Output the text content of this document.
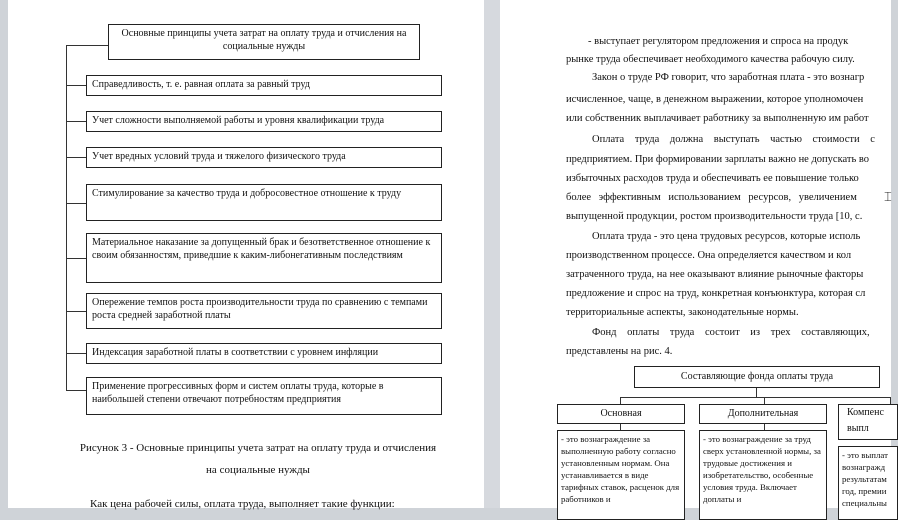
Основные принципы учета затрат на оплату труда и отчисления на социальные нужды
Справедливость, т. е. равная оплата за равный труд
Учет сложности выполняемой работы и уровня квалификации труда
Учет вредных условий труда и тяжелого физического труда
Стимулирование за качество труда и добросовестное отношение к труду
Материальное наказание за допущенный брак и безответственное отношение к своим обязанностям, приведшие к каким-либонегативным последствиям
Опережение темпов роста производительности труда по сравнению с темпами роста средней заработной платы
Индексация заработной платы в соответствии с уровнем инфляции
Применение прогрессивных форм и систем оплаты труда, которые в наибольшей степени отвечают потребностям предприятия
Рисунок 3 - Основные принципы учета затрат на оплату труда и отчисления
на социальные нужды
Как цена рабочей силы, оплата труда, выполняет такие функции:
- выступает регулятором предложения и спроса на продук
рынке труда обеспечивает необходимого качества рабочую силу.
Закон о труде РФ говорит, что заработная плата - это вознагр
исчисленное, чаще, в денежном выражении, которое уполномочен
или собственник выплачивает работнику за выполненную им работ
Оплата труда должна выступать частью стоимости с
предприятием. При формировании зарплаты важно не допускать во
избыточных расходов труда и обеспечивать ее повышение только
более эффективным использованием ресурсов, увеличением
выпущенной продукции, ростом производительности труда [10, с.
Оплата труда - это цена трудовых ресурсов, которые исполь
производственном процессе. Она определяется качеством и кол
затраченного труда, на нее оказывают влияние рыночные факторы
предложение и спрос на труд, конкретная конъюнктура, которая сл
территориальные аспекты, законодательные нормы.
Фонд оплаты труда состоит из трех составляющих,
представлены на рис. 4.
Составляющие фонда оплаты труда
Основная	Дополнительная	Компенс выпл
- это вознаграждение за выполненную работу согласно установленным нормам. Она устанавливается в виде тарифных ставок, расценок для работников и
- это вознаграждение за труд сверх установленной нормы, за трудовые достижения и изобретательство, особенные условия труда. Включает доплаты и
- это выплат вознагражд результатам год, премии специальны
⌶
